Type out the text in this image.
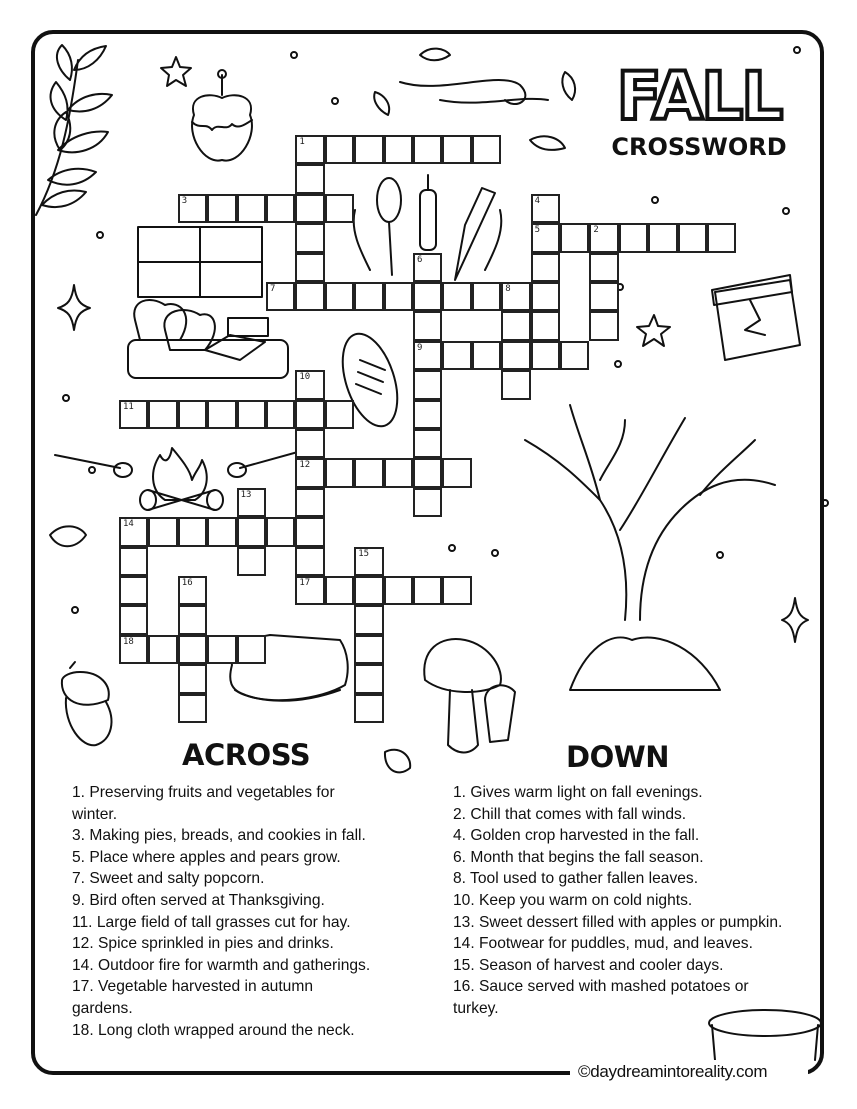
FALL
CROSSWORD
1
2
3	4
5
6
9
7	8
10
12
17
11
13
14
18
15
16
ACROSS	DOWN
1. Preserving fruits and vegetables for winter.
3. Making pies, breads, and cookies in fall.
5. Place where apples and pears grow.
7. Sweet and salty popcorn.
9. Bird often served at Thanksgiving.
11. Large field of tall grasses cut for hay.
12. Spice sprinkled in pies and drinks.
14. Outdoor fire for warmth and gatherings.
17. Vegetable harvested in autumn gardens.
18. Long cloth wrapped around the neck.
1. Gives warm light on fall evenings.
2. Chill that comes with fall winds.
4. Golden crop harvested in the fall.
6. Month that begins the fall season.
8. Tool used to gather fallen leaves.
10. Keep you warm on cold nights.
13. Sweet dessert filled with apples or pumpkin.
14. Footwear for puddles, mud, and leaves.
15. Season of harvest and cooler days.
16. Sauce served with mashed potatoes or turkey.
©daydreamintoreality.com
